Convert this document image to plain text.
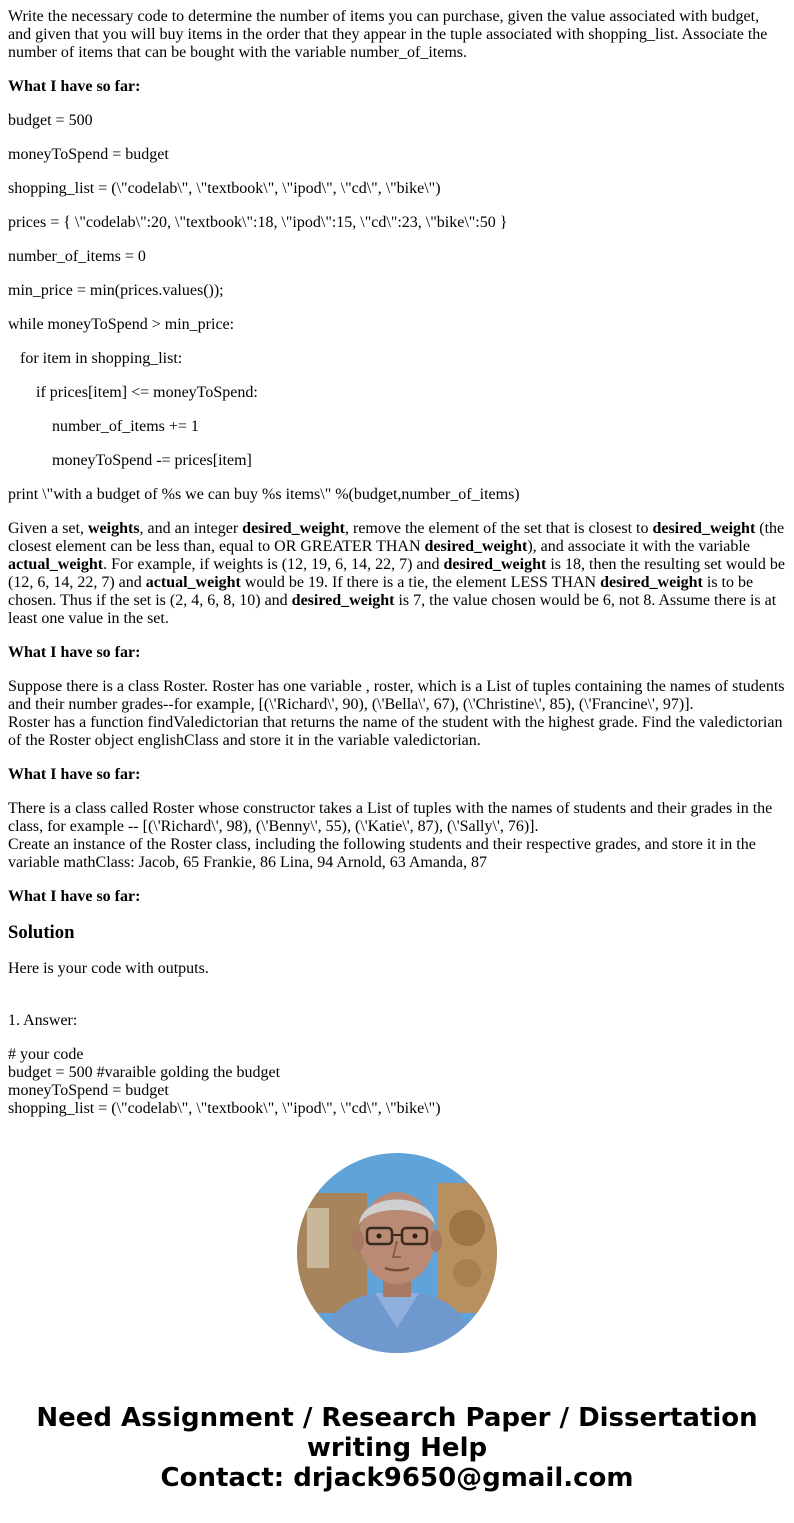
Write the necessary code to determine the number of items you can purchase, given the value associated with budget, and given that you will buy items in the order that they appear in the tuple associated with shopping_list. Associate the number of items that can be bought with the variable number_of_items.

What I have so far:

budget = 500

moneyToSpend = budget

shopping_list = (\"codelab\", \"textbook\", \"ipod\", \"cd\", \"bike\")

prices = { \"codelab\":20, \"textbook\":18, \"ipod\":15, \"cd\":23, \"bike\":50 }

number_of_items = 0

min_price = min(prices.values());

while moneyToSpend > min_price:

for item in shopping_list:

if prices[item] <= moneyToSpend:

number_of_items += 1

moneyToSpend -= prices[item]

print \"with a budget of %s we can buy %s items\" %(budget,number_of_items)

Given a set, weights, and an integer desired_weight, remove the element of the set that is closest to desired_weight (the closest element can be less than, equal to OR GREATER THAN desired_weight), and associate it with the variable actual_weight. For example, if weights is (12, 19, 6, 14, 22, 7) and desired_weight is 18, then the resulting set would be (12, 6, 14, 22, 7) and actual_weight would be 19. If there is a tie, the element LESS THAN desired_weight is to be chosen. Thus if the set is (2, 4, 6, 8, 10) and desired_weight is 7, the value chosen would be 6, not 8. Assume there is at least one value in the set.

What I have so far:

Suppose there is a class Roster. Roster has one variable , roster, which is a List of tuples containing the names of students and their number grades--for example, [(\'Richard\', 90), (\'Bella\', 67), (\'Christine\', 85), (\'Francine\', 97)].
Roster has a function findValedictorian that returns the name of the student with the highest grade. Find the valedictorian of the Roster object englishClass and store it in the variable valedictorian.

What I have so far:

There is a class called Roster whose constructor takes a List of tuples with the names of students and their grades in the class, for example -- [(\'Richard\', 98), (\'Benny\', 55), (\'Katie\', 87), (\'Sally\', 76)].
Create an instance of the Roster class, including the following students and their respective grades, and store it in the variable mathClass: Jacob, 65 Frankie, 86 Lina, 94 Arnold, 63 Amanda, 87

What I have so far:

Solution

Here is your code with outputs.

1. Answer:

# your code
budget = 500 #varaible golding the budget
moneyToSpend = budget
shopping_list = (\"codelab\", \"textbook\", \"ipod\", \"cd\", \"bike\")

Need Assignment / Research Paper / Dissertation
writing Help
Contact: drjack9650@gmail.com
